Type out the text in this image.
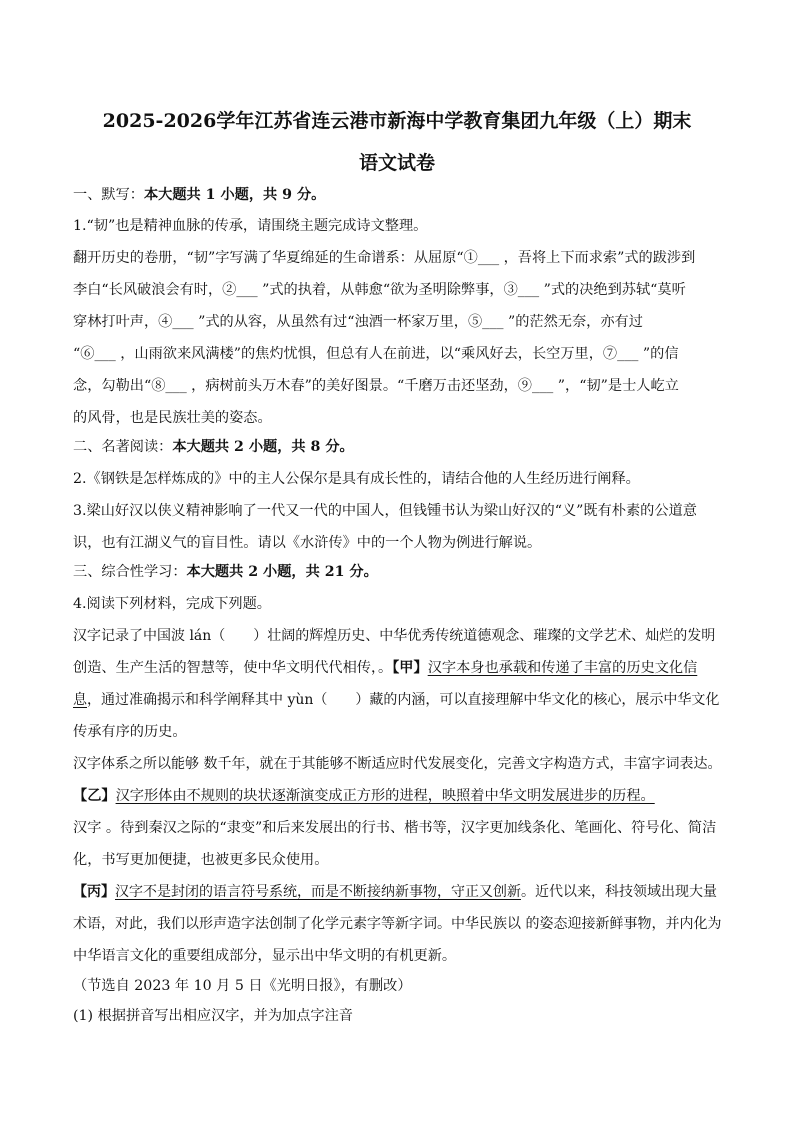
2025-2026学年江苏省连云港市新海中学教育集团九年级（上）期末
语文试卷
一、默写：本大题共 1 小题，共 9 分。
1.“韧”也是精神血脉的传承，请围绕主题完成诗文整理。
翻开历史的卷册，“韧”字写满了华夏绵延的生命谱系：从屈原“①___ ，吾将上下而求索”式的跋涉到
李白“长风破浪会有时，②___ ”式的执着，从韩愈“欲为圣明除弊事，③___ ”式的决绝到苏轼“莫听
穿林打叶声，④___ ”式的从容，从虽然有过“浊酒一杯家万里，⑤___ ”的茫然无奈，亦有过
“⑥___ ，山雨欲来风满楼”的焦灼忧惧，但总有人在前进，以“乘风好去，长空万里，⑦___ ”的信
念，勾勒出“⑧___ ，病树前头万木春”的美好图景。“千磨万击还坚劲，⑨___ ”，“韧”是士人屹立
的风骨，也是民族壮美的姿态。
二、名著阅读：本大题共 2 小题，共 8 分。
2.《钢铁是怎样炼成的》中的主人公保尔是具有成长性的，请结合他的人生经历进行阐释。
3.梁山好汉以侠义精神影响了一代又一代的中国人，但钱锺书认为梁山好汉的“义”既有朴素的公道意
识，也有江湖义气的盲目性。请以《水浒传》中的一个人物为例进行解说。
三、综合性学习：本大题共 2 小题，共 21 分。
4.阅读下列材料，完成下列题。
汉字记录了中国波 lán（　　）壮阔的辉煌历史、中华优秀传统道德观念、璀璨的文学艺术、灿烂的发明
创造、生产生活的智慧等，使中华文明代代相传，。【甲】汉字本身也承载和传递了丰富的历史文化信
息，通过准确揭示和科学阐释其中 yùn（　　）藏的内涵，可以直接理解中华文化的核心，展示中华文化
传承有序的历史。
汉字体系之所以能够 数千年，就在于其能够不断适应时代发展变化，完善文字构造方式，丰富字词表达。
【乙】汉字形体由不规则的块状逐渐演变成正方形的进程，映照着中华文明发展进步的历程。
汉字 。待到秦汉之际的“隶变”和后来发展出的行书、楷书等，汉字更加线条化、笔画化、符号化、简洁
化，书写更加便捷，也被更多民众使用。
【丙】汉字不是封闭的语言符号系统，而是不断接纳新事物，守正又创新。近代以来，科技领域出现大量
术语，对此，我们以形声造字法创制了化学元素字等新字词。中华民族以 的姿态迎接新鲜事物，并内化为
中华语言文化的重要组成部分，显示出中华文明的有机更新。
（节选自 2023 年 10 月 5 日《光明日报》，有删改）
(1) 根据拼音写出相应汉字，并为加点字注音
